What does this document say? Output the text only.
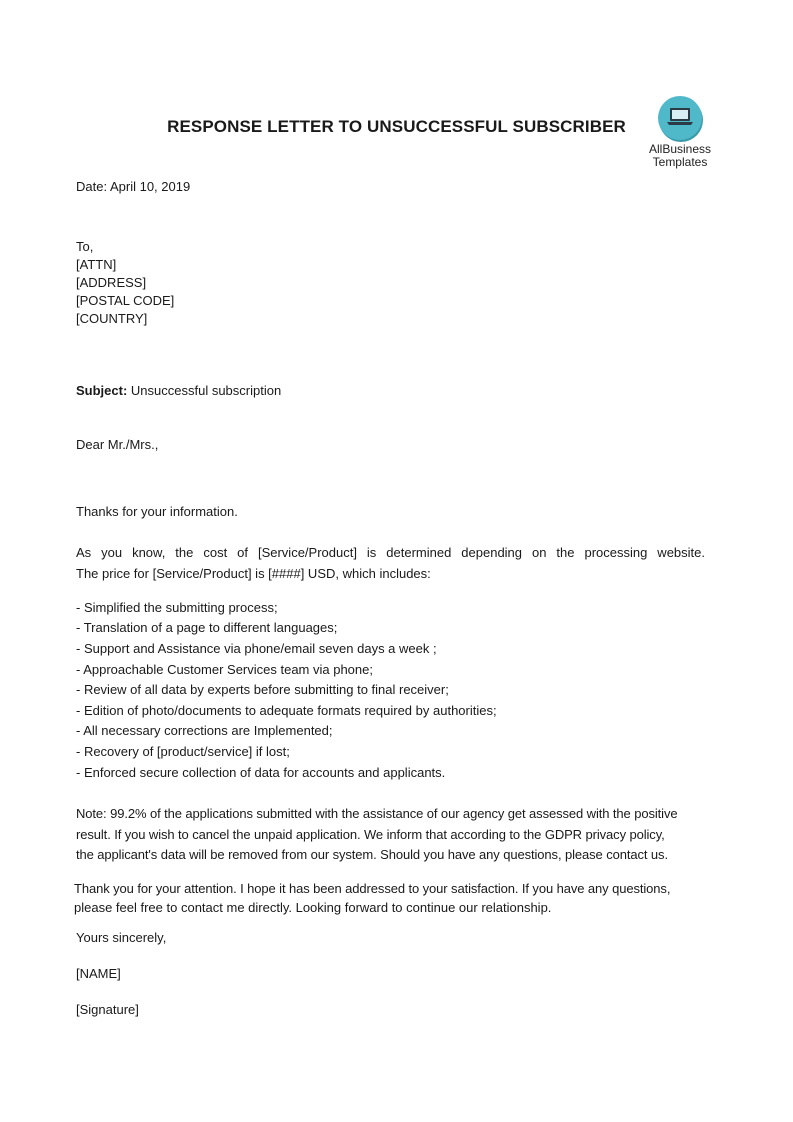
RESPONSE LETTER TO UNSUCCESSFUL SUBSCRIBER
AllBusiness
Templates
Date: April 10, 2019
To,
[ATTN]
[ADDRESS]
[POSTAL CODE]
[COUNTRY]
Subject: Unsuccessful subscription
Dear Mr./Mrs.,
Thanks for your information.
As you know, the cost of [Service/Product] is determined depending on the processing website.
The price for [Service/Product] is [####] USD, which includes:
- Simplified the submitting process;
- Translation of a page to different languages;
- Support and Assistance via phone/email seven days a week ;
- Approachable Customer Services team via phone;
- Review of all data by experts before submitting to final receiver;
- Edition of photo/documents to adequate formats required by authorities;
- All necessary corrections are Implemented;
- Recovery of [product/service] if lost;
- Enforced secure collection of data for accounts and applicants.
Note: 99.2% of the applications submitted with the assistance of our agency get assessed with the positive
result. If you wish to cancel the unpaid application. We inform that according to the GDPR privacy policy,
the applicant's data will be removed from our system. Should you have any questions, please contact us.
Thank you for your attention. I hope it has been addressed to your satisfaction. If you have any questions,
please feel free to contact me directly. Looking forward to continue our relationship.
Yours sincerely,
[NAME]
[Signature]
